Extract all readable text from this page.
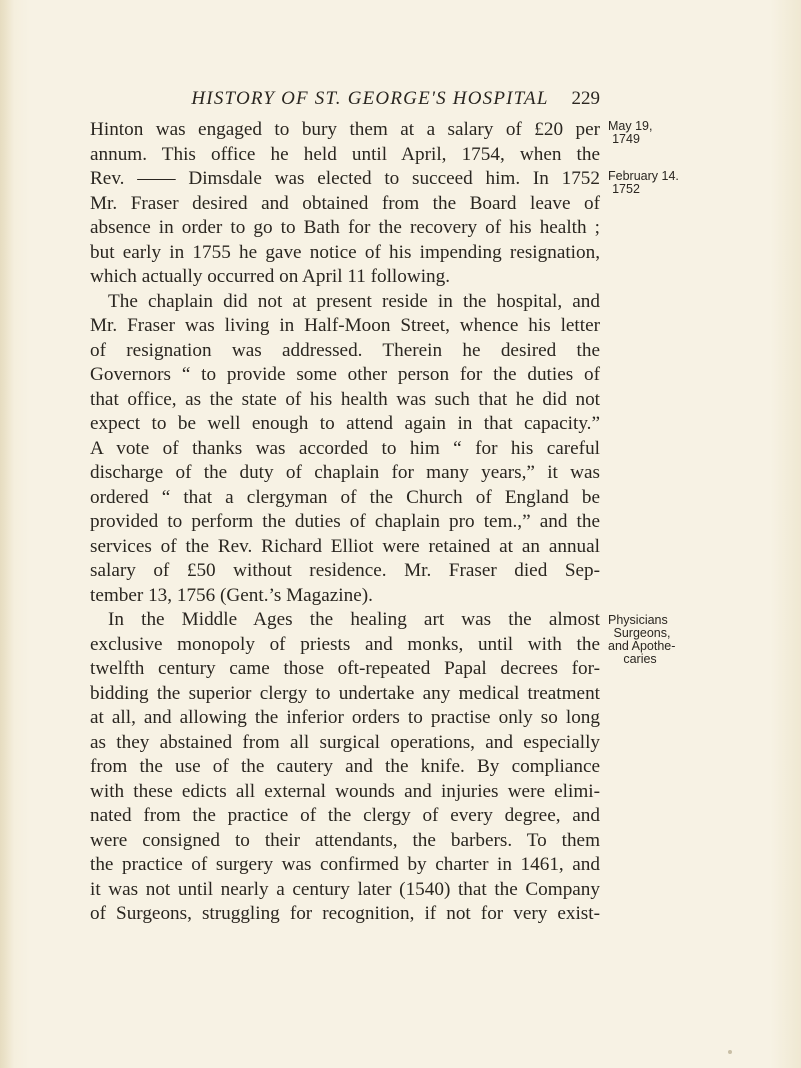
HISTORY OF ST. GEORGE'S HOSPITAL	229
Hinton was engaged to bury them at a salary of £20 per
annum. This office he held until April, 1754, when the
Rev. —— Dimsdale was elected to succeed him. In 1752
Mr. Fraser desired and obtained from the Board leave of
absence in order to go to Bath for the recovery of his health ;
but early in 1755 he gave notice of his impending resignation,
which actually occurred on April 11 following.
The chaplain did not at present reside in the hospital, and
Mr. Fraser was living in Half-Moon Street, whence his letter
of resignation was addressed. Therein he desired the
Governors “ to provide some other person for the duties of
that office, as the state of his health was such that he did not
expect to be well enough to attend again in that capacity.”
A vote of thanks was accorded to him “ for his careful
discharge of the duty of chaplain for many years,” it was
ordered “ that a clergyman of the Church of England be
provided to perform the duties of chaplain pro tem.,” and the
services of the Rev. Richard Elliot were retained at an annual
salary of £50 without residence. Mr. Fraser died Sep-
tember 13, 1756 (Gent.’s Magazine).
In the Middle Ages the healing art was the almost
exclusive monopoly of priests and monks, until with the
twelfth century came those oft-repeated Papal decrees for-
bidding the superior clergy to undertake any medical treatment
at all, and allowing the inferior orders to practise only so long
as they abstained from all surgical operations, and especially
from the use of the cautery and the knife. By compliance
with these edicts all external wounds and injuries were elimi-
nated from the practice of the clergy of every degree, and
were consigned to their attendants, the barbers. To them
the practice of surgery was confirmed by charter in 1461, and
it was not until nearly a century later (1540) that the Company
of Surgeons, struggling for recognition, if not for very exist-
May 19,
1749
February 14.
1752
Physicians
Surgeons,
and Apothe-
caries
